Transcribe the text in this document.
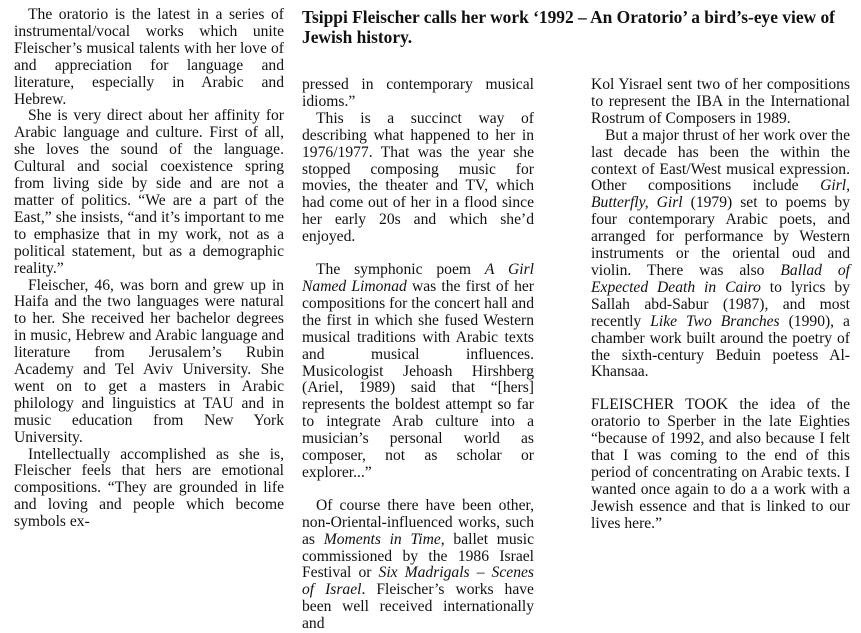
The oratorio is the latest in a series of instrumental/vocal works which unite Fleischer’s musical talents with her love of and appreciation for language and literature, especially in Arabic and Hebrew.

She is very direct about her affinity for Arabic language and culture. First of all, she loves the sound of the language. Cultural and social coexistence spring from living side by side and are not a matter of politics. “We are a part of the East,” she insists, “and it’s important to me to emphasize that in my work, not as a political statement, but as a demographic reality.”

Fleischer, 46, was born and grew up in Haifa and the two languages were natural to her. She received her bachelor degrees in music, Hebrew and Arabic language and literature from Jerusalem’s Rubin Academy and Tel Aviv University. She went on to get a masters in Arabic philology and linguistics at TAU and in music education from New York University.

Intellectually accomplished as she is, Fleischer feels that hers are emotional compositions. “They are grounded in life and loving and people which become symbols ex-

Tsippi Fleischer calls her work ‘1992 – An Oratorio’ a bird’s-eye view of Jewish history.

pressed in contemporary musical idioms.”

This is a succinct way of describing what happened to her in 1976/1977. That was the year she stopped composing music for movies, the theater and TV, which had come out of her in a flood since her early 20s and which she’d enjoyed.

The symphonic poem A Girl Named Limonad was the first of her compositions for the concert hall and the first in which she fused Western musical traditions with Arabic texts and musical influences. Musicologist Jehoash Hirshberg (Ariel, 1989) said that “[hers] represents the boldest attempt so far to integrate Arab culture into a musician’s personal world as composer, not as scholar or explorer...”

Of course there have been other, non-Oriental-influenced works, such as Moments in Time, ballet music commissioned by the 1986 Israel Festival or Six Madrigals – Scenes of Israel. Fleischer’s works have been well received internationally and

Kol Yisrael sent two of her compositions to represent the IBA in the International Rostrum of Composers in 1989.

But a major thrust of her work over the last decade has been the within the context of East/West musical expression. Other compositions include Girl, Butterfly, Girl (1979) set to poems by four contemporary Arabic poets, and arranged for performance by Western instruments or the oriental oud and violin. There was also Ballad of Expected Death in Cairo to lyrics by Sallah abd-Sabur (1987), and most recently Like Two Branches (1990), a chamber work built around the poetry of the sixth-century Beduin poetess Al-Khansaa.

FLEISCHER TOOK the idea of the oratorio to Sperber in the late Eighties “because of 1992, and also because I felt that I was coming to the end of this period of concentrating on Arabic texts. I wanted once again to do a a work with a Jewish essence and that is linked to our lives here.”
